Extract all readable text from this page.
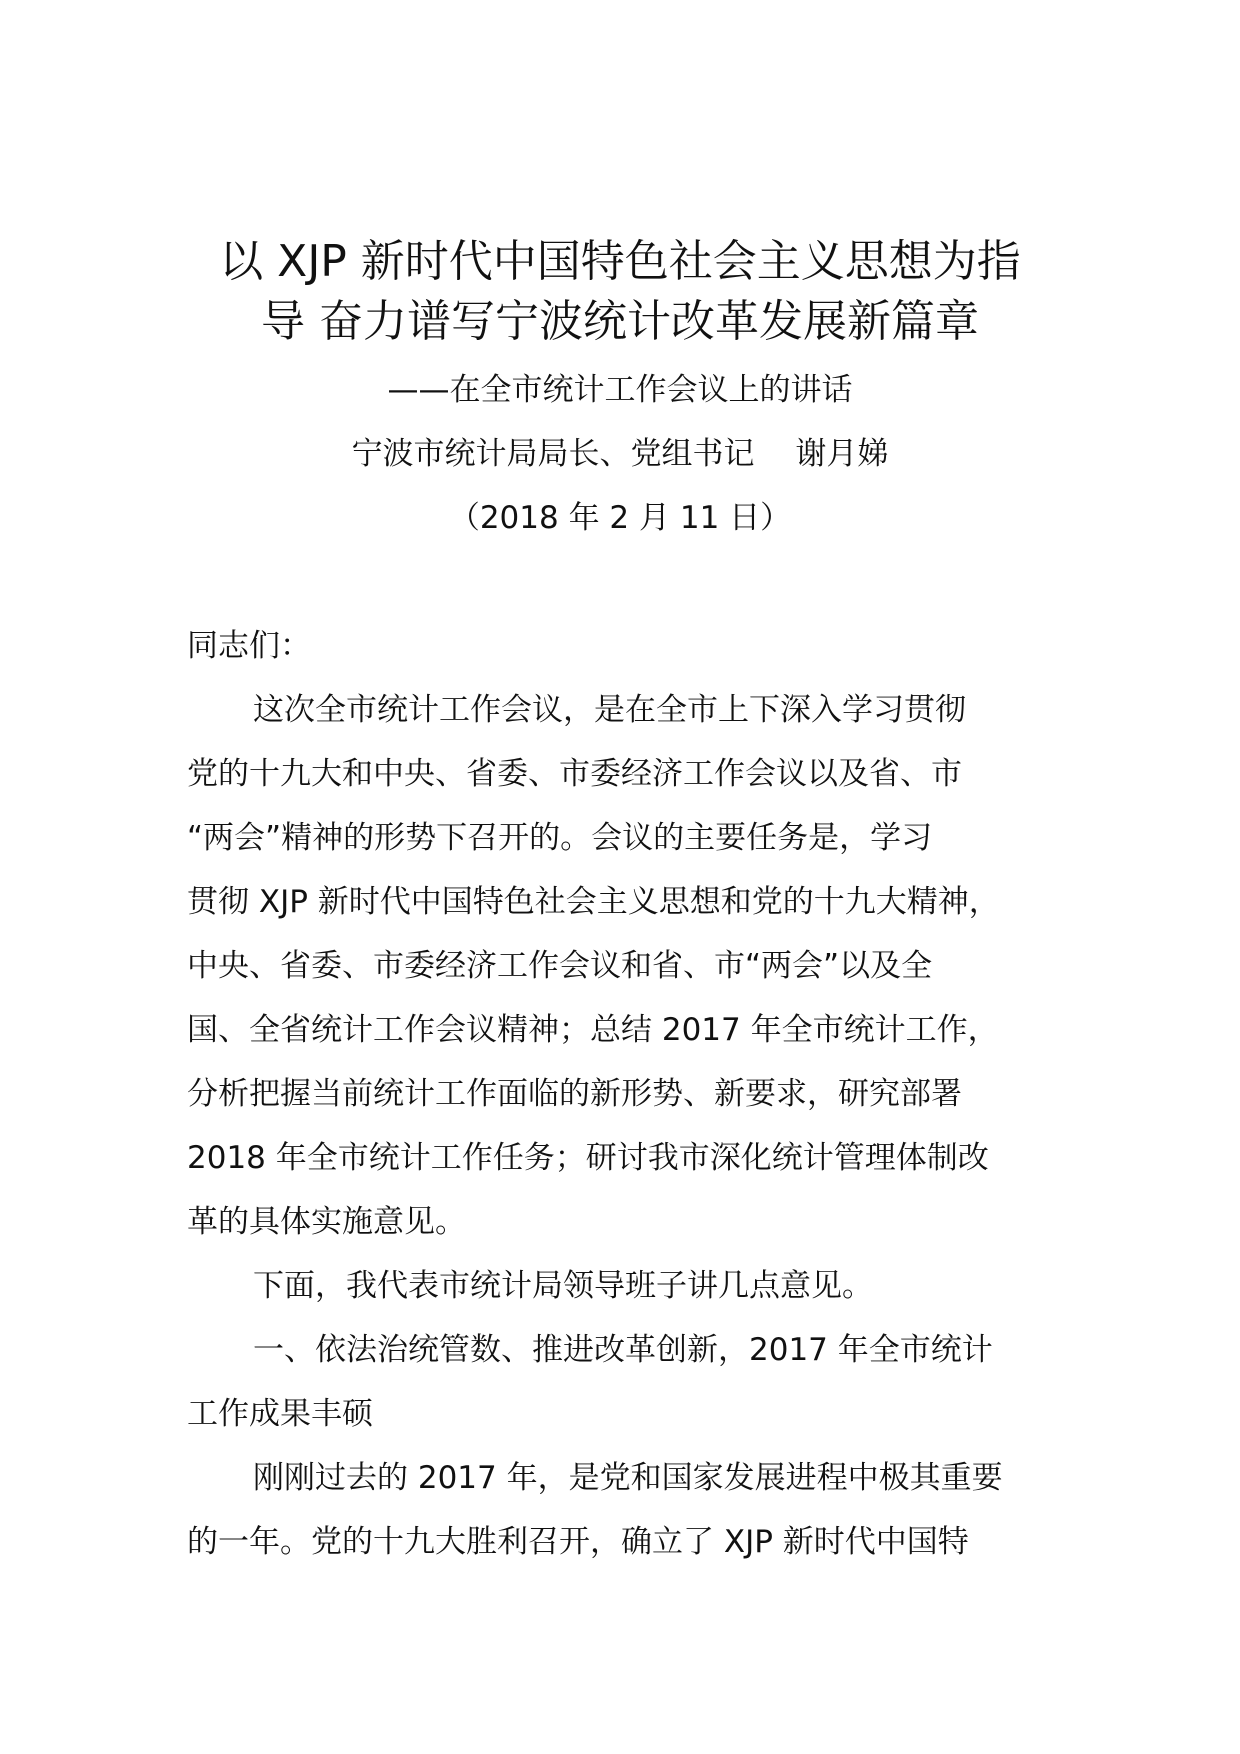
以 XJP 新时代中国特色社会主义思想为指
导 奋力谱写宁波统计改革发展新篇章
——在全市统计工作会议上的讲话
宁波市统计局局长、党组书记　 谢月娣
（2018 年 2 月 11 日）
同志们：
这次全市统计工作会议，是在全市上下深入学习贯彻
党的十九大和中央、省委、市委经济工作会议以及省、市
“两会”精神的形势下召开的。会议的主要任务是，学习
贯彻 XJP 新时代中国特色社会主义思想和党的十九大精神，
中央、省委、市委经济工作会议和省、市“两会”以及全
国、全省统计工作会议精神；总结 2017 年全市统计工作，
分析把握当前统计工作面临的新形势、新要求，研究部署
2018 年全市统计工作任务；研讨我市深化统计管理体制改
革的具体实施意见。
下面，我代表市统计局领导班子讲几点意见。
一、依法治统管数、推进改革创新，2017 年全市统计
工作成果丰硕
刚刚过去的 2017 年，是党和国家发展进程中极其重要
的一年。党的十九大胜利召开，确立了 XJP 新时代中国特
